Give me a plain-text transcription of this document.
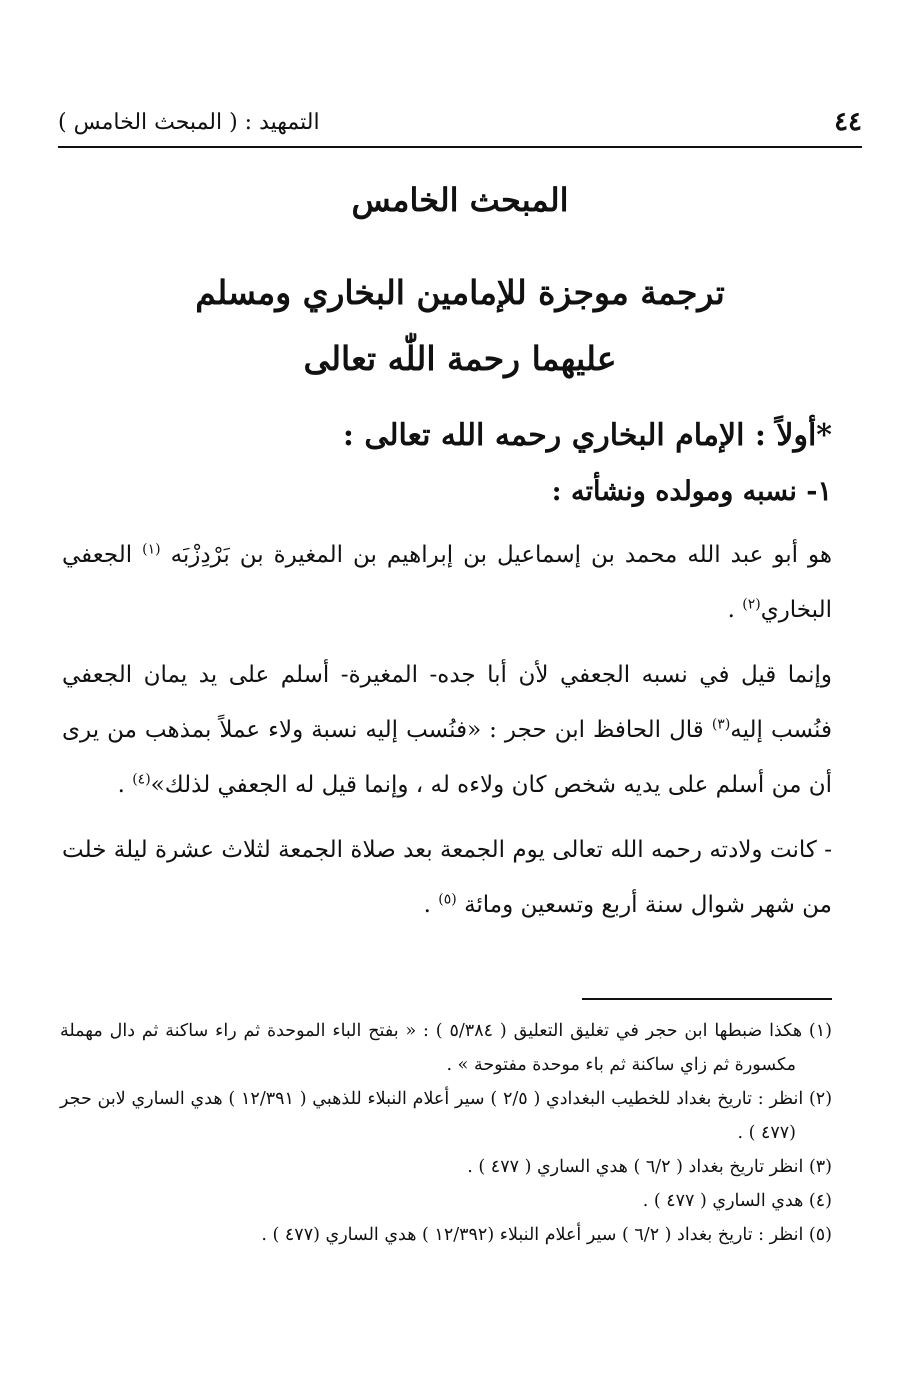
٤٤
التمهيد : ( المبحث الخامس )
المبحث الخامس
ترجمة موجزة للإمامين البخاري ومسلم
عليهما رحمة اللّٰه تعالى
*أولاً : الإمام البخاري رحمه الله تعالى :
١- نسبه ومولده ونشأته :

هو أبو عبد الله محمد بن إسماعيل بن إبراهيم بن المغيرة بن بَرْدِزْبَه $^{(١)}$ الجعفي البخاري$^{(٢)}$ .

وإنما قيل في نسبه الجعفي لأن أبا جده- المغيرة- أسلم على يد يمان الجعفي فنُسب إليه$^{(٣)}$ قال الحافظ ابن حجر : «فنُسب إليه نسبة ولاء عملاً بمذهب من يرى أن من أسلم على يديه شخص كان ولاءه له ، وإنما قيل له الجعفي لذلك»$^{(٤)}$ .

- كانت ولادته رحمه الله تعالى يوم الجمعة بعد صلاة الجمعة لثلاث عشرة ليلة خلت من شهر شوال سنة أربع وتسعين ومائة $^{(٥)}$ .

(١) هكذا ضبطها ابن حجر في تغليق التعليق ( ٥/٣٨٤ ) : « بفتح الباء الموحدة ثم راء ساكنة ثم دال مهملة مكسورة ثم زاي ساكنة ثم باء موحدة مفتوحة » .
(٢) انظر : تاريخ بغداد للخطيب البغدادي ( ٢/٥ ) سير أعلام النبلاء للذهبي ( ١٢/٣٩١ ) هدي الساري لابن حجر (٤٧٧ ) .
(٣) انظر تاريخ بغداد ( ٦/٢ ) هدي الساري ( ٤٧٧ ) .
(٤) هدي الساري ( ٤٧٧ ) .
(٥) انظر : تاريخ بغداد ( ٦/٢ ) سير أعلام النبلاء (١٢/٣٩٢ ) هدي الساري (٤٧٧ ) .
